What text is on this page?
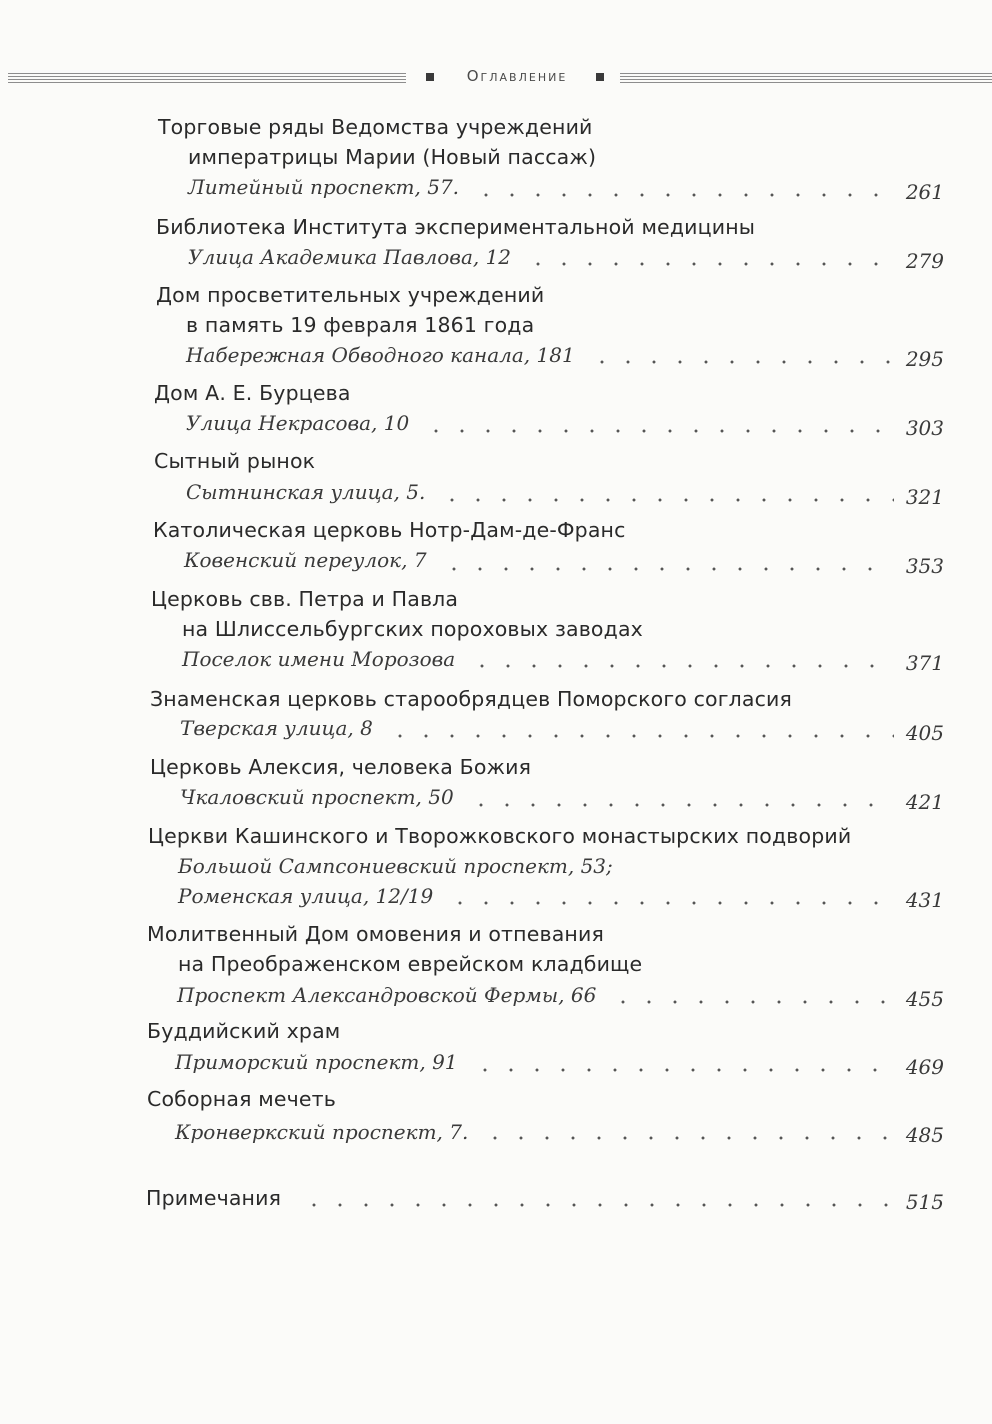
Оглавление
Торговые ряды Ведомства учреждений
императрицы Марии (Новый пассаж)
Литейный проспект, 57.	261
Библиотека Института экспериментальной медицины
Улица Академика Павлова, 12	279
Дом просветительных учреждений
в память 19 февраля 1861 года
Набережная Обводного канала, 181	295
Дом А. Е. Бурцева
Улица Некрасова, 10	303
Сытный рынок
Сытнинская улица, 5.	321
Католическая церковь Нотр-Дам-де-Франс
Ковенский переулок, 7	353
Церковь свв. Петра и Павла
на Шлиссельбургских пороховых заводах
Поселок имени Морозова	371
Знаменская церковь старообрядцев Поморского согласия
Тверская улица, 8	405
Церковь Алексия, человека Божия
Чкаловский проспект, 50	421
Церкви Кашинского и Творожковского монастырских подворий
Большой Сампсониевский проспект, 53;
Роменская улица, 12/19	431
Молитвенный Дом омовения и отпевания
на Преображенском еврейском кладбище
Проспект Александровской Фермы, 66	455
Буддийский храм
Приморский проспект, 91	469
Соборная мечеть
Кронверкский проспект, 7.	485
Примечания	515
